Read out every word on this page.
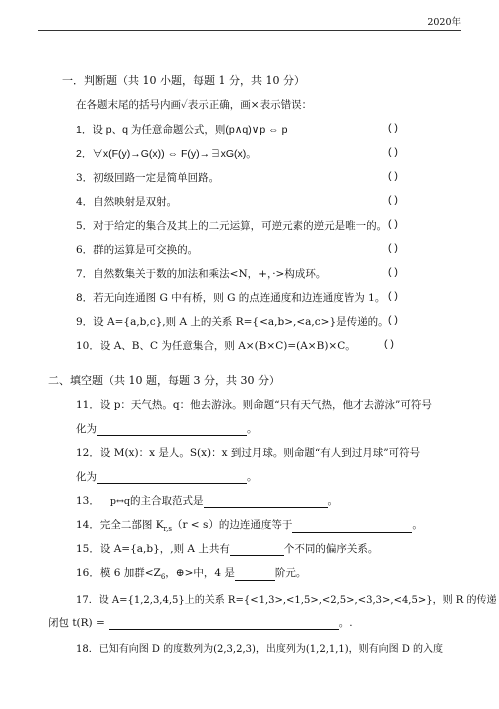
2020年
一．判断题（共 10 小题，每题 1 分，共 10 分）
在各题末尾的括号内画✓表示正确，画×表示错误：
1．设 p、q 为任意命题公式，则(p∧q)∨p ⇔ p	( )
2．∀x(F(y)→G(x)) ⇔ F(y)→∃xG(x)。	( )
3．初级回路一定是简单回路。	( )
4．自然映射是双射。	( )
5．对于给定的集合及其上的二元运算，可逆元素的逆元是唯一的。 ( )
6．群的运算是可交换的。	( )
7．自然数集关于数的加法和乘法<N，+，·>构成环。	( )
8．若无向连通图 G 中有桥，则 G 的点连通度和边连通度皆为 1。 ( )
9．设 A={a,b,c},则 A 上的关系 R={<a,b>,<a,c>}是传递的。 ( )
10．设 A、B、C 为任意集合，则 A×(B×C)=(A×B)×C。	( )
二、填空题（共 10 题，每题 3 分，共 30 分）
11．设 p：天气热。q：他去游泳。则命题“只有天气热，他才去游泳”可符号
化为	。
12．设 M(x)：x 是人。S(x)：x 到过月球。则命题“有人到过月球”可符号
化为	。
13． p↔q的主合取范式是	。
14．完全二部图 $K_{r,s}(r < s)$的边连通度等于	。
15．设 A={a,b}，,则 A 上共有	个不同的偏序关系。
16．模 6 加群$<Z_6$，⊕>中，4 是	阶元。
17．设 A={1,2,3,4,5}上的关系 R={<1,3>,<1,5>,<2,5>,<3,3>,<4,5>}，则 R 的传递
闭包 t(R) =	。.
18．已知有向图 D 的度数列为(2,3,2,3)，出度列为(1,2,1,1)，则有向图 D 的入度
